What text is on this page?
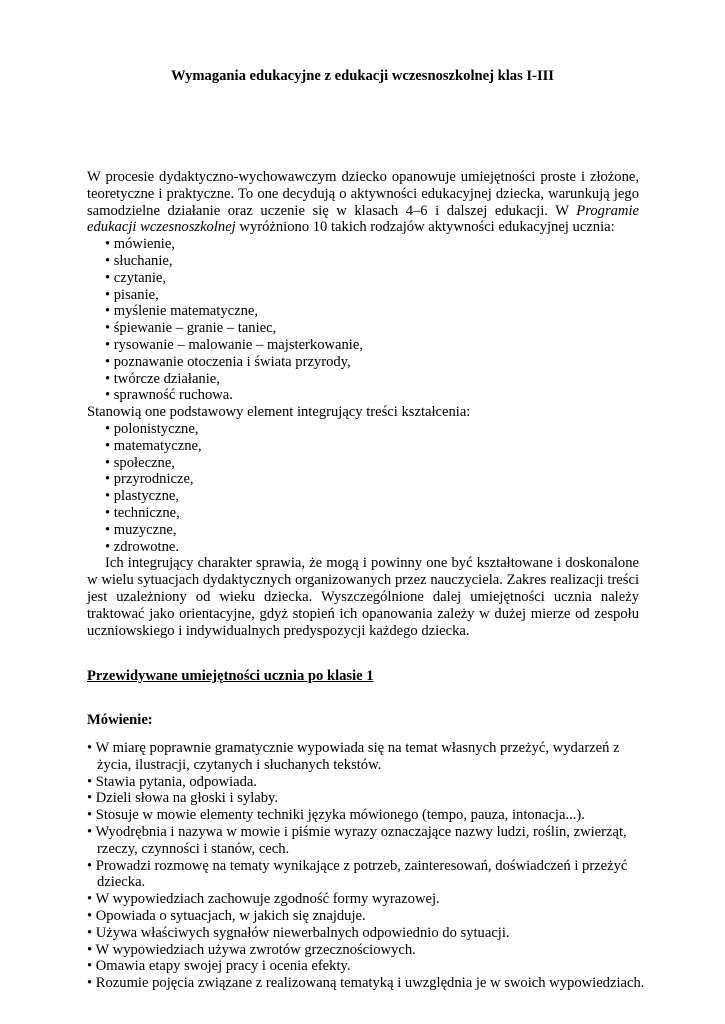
Wymagania edukacyjne z edukacji wczesnoszkolnej klas I-III

W procesie dydaktyczno-wychowawczym dziecko opanowuje umiejętności proste i złożone, teoretyczne i praktyczne. To one decydują o aktywności edukacyjnej dziecka, warunkują jego samodzielne działanie oraz uczenie się w klasach 4–6 i dalszej edukacji. W Programie edukacji wczesnoszkolnej wyróżniono 10 takich rodzajów aktywności edukacyjnej ucznia:

• mówienie,
• słuchanie,
• czytanie,
• pisanie,
• myślenie matematyczne,
• śpiewanie – granie – taniec,
• rysowanie – malowanie – majsterkowanie,
• poznawanie otoczenia i świata przyrody,
• twórcze działanie,
• sprawność ruchowa.

Stanowią one podstawowy element integrujący treści kształcenia:

• polonistyczne,
• matematyczne,
• społeczne,
• przyrodnicze,
• plastyczne,
• techniczne,
• muzyczne,
• zdrowotne.

Ich integrujący charakter sprawia, że mogą i powinny one być kształtowane i doskonalone w wielu sytuacjach dydaktycznych organizowanych przez nauczyciela. Zakres realizacji treści jest uzależniony od wieku dziecka. Wyszczególnione dalej umiejętności ucznia należy traktować jako orientacyjne, gdyż stopień ich opanowania zależy w dużej mierze od zespołu uczniowskiego i indywidualnych predyspozycji każdego dziecka.

Przewidywane umiejętności ucznia po klasie 1
Mówienie:
• W miarę poprawnie gramatycznie wypowiada się na temat własnych przeżyć, wydarzeń z życia, ilustracji, czytanych i słuchanych tekstów.
• Stawia pytania, odpowiada.
• Dzieli słowa na głoski i sylaby.
• Stosuje w mowie elementy techniki języka mówionego (tempo, pauza, intonacja...).
• Wyodrębnia i nazywa w mowie i piśmie wyrazy oznaczające nazwy ludzi, roślin, zwierząt, rzeczy, czynności i stanów, cech.
• Prowadzi rozmowę na tematy wynikające z potrzeb, zainteresowań, doświadczeń i przeżyć dziecka.
• W wypowiedziach zachowuje zgodność formy wyrazowej.
• Opowiada o sytuacjach, w jakich się znajduje.
• Używa właściwych sygnałów niewerbalnych odpowiednio do sytuacji.
• W wypowiedziach używa zwrotów grzecznościowych.
• Omawia etapy swojej pracy i ocenia efekty.
• Rozumie pojęcia związane z realizowaną tematyką i uwzględnia je w swoich wypowiedziach.
